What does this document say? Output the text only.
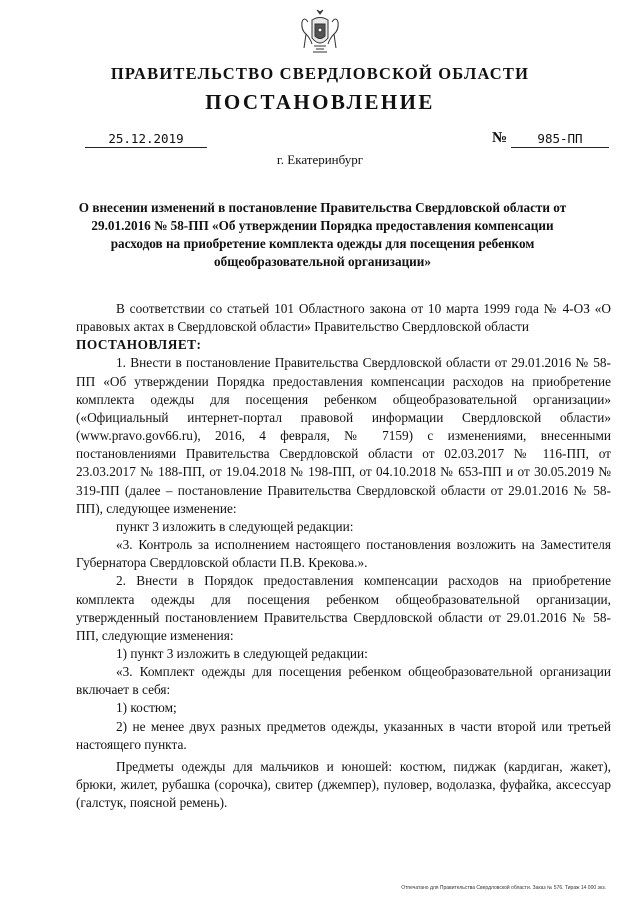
ПРАВИТЕЛЬСТВО СВЕРДЛОВСКОЙ ОБЛАСТИ
ПОСТАНОВЛЕНИЕ
25.12.2019	№	985-ПП
г. Екатеринбург

О внесении изменений в постановление Правительства Свердловской области от 29.01.2016 № 58-ПП «Об утверждении Порядка предоставления компенсации расходов на приобретение комплекта одежды для посещения ребенком общеобразовательной организации»

В соответствии со статьей 101 Областного закона от 10 марта 1999 года № 4-ОЗ «О правовых актах в Свердловской области» Правительство Свердловской области

ПОСТАНОВЛЯЕТ:

1. Внести в постановление Правительства Свердловской области от 29.01.2016 № 58-ПП «Об утверждении Порядка предоставления компенсации расходов на приобретение комплекта одежды для посещения ребенком общеобразовательной организации» («Официальный интернет-портал правовой информации Свердловской области» (www.pravo.gov66.ru), 2016, 4 февраля, № 7159) с изменениями, внесенными постановлениями Правительства Свердловской области от 02.03.2017 № 116-ПП, от 23.03.2017 № 188-ПП, от 19.04.2018 № 198-ПП, от 04.10.2018 № 653-ПП и от 30.05.2019 № 319-ПП (далее – постановление Правительства Свердловской области от 29.01.2016 № 58-ПП), следующее изменение:

пункт 3 изложить в следующей редакции:

«3. Контроль за исполнением настоящего постановления возложить на Заместителя Губернатора Свердловской области П.В. Крекова.».

2. Внести в Порядок предоставления компенсации расходов на приобретение комплекта одежды для посещения ребенком общеобразовательной организации, утвержденный постановлением Правительства Свердловской области от 29.01.2016 № 58-ПП, следующие изменения:

1) пункт 3 изложить в следующей редакции:

«3. Комплект одежды для посещения ребенком общеобразовательной организации включает в себя:

1) костюм;

2) не менее двух разных предметов одежды, указанных в части второй или третьей настоящего пункта.

Предметы одежды для мальчиков и юношей: костюм, пиджак (кардиган, жакет), брюки, жилет, рубашка (сорочка), свитер (джемпер), пуловер, водолазка, фуфайка, аксессуар (галстук, поясной ремень).

Отпечатано для Правительства Свердловской области. Заказ № 576. Тираж 14 000 экз.
